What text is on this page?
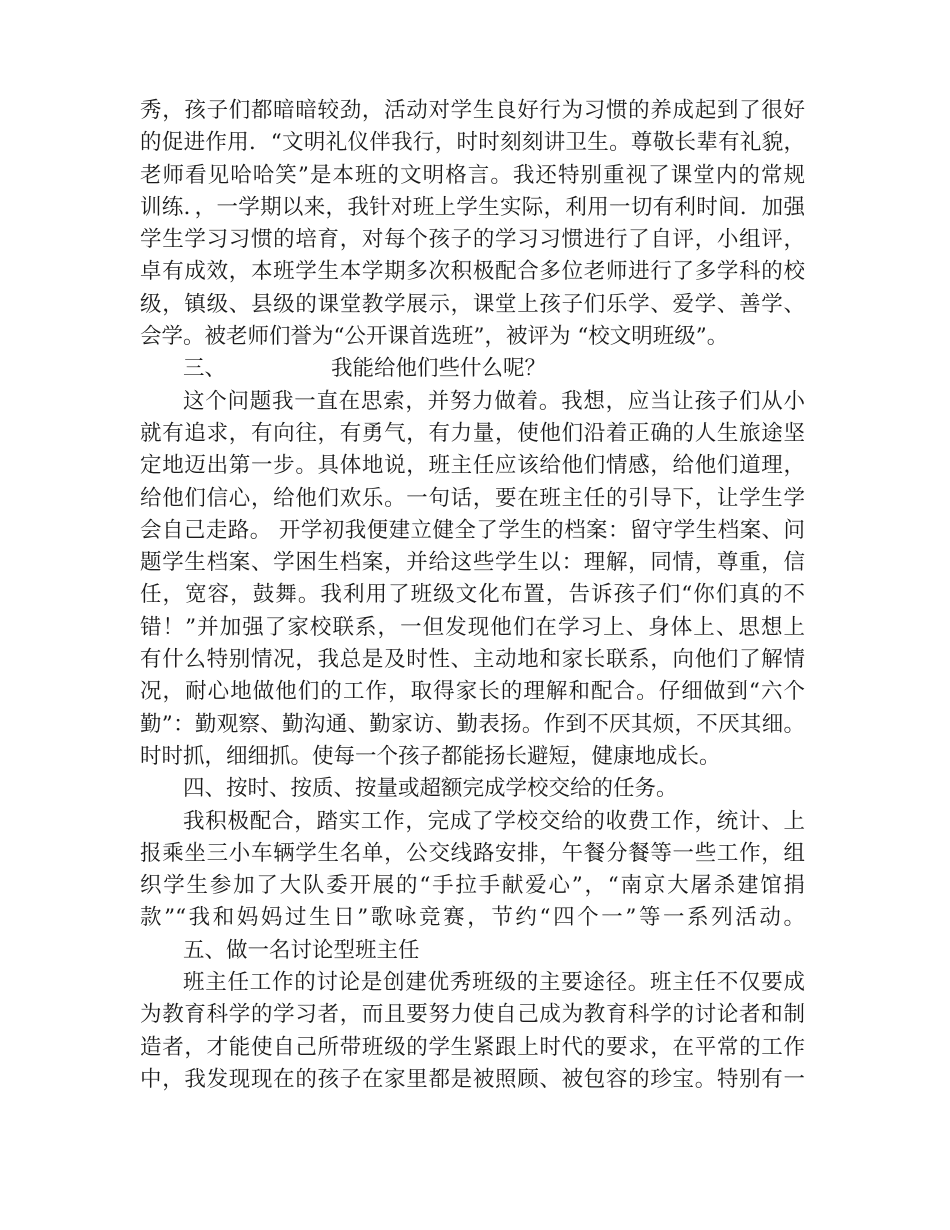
秀，孩子们都暗暗较劲，活动对学生良好行为习惯的养成起到了很好
的促进作用．“文明礼仪伴我行，时时刻刻讲卫生。尊敬长辈有礼貌，
老师看见哈哈笑”是本班的文明格言。我还特别重视了课堂内的常规
训练．，一学期以来，我针对班上学生实际，利用一切有利时间．加强
学生学习习惯的培育，对每个孩子的学习习惯进行了自评，小组评，
卓有成效，本班学生本学期多次积极配合多位老师进行了多学科的校
级，镇级、县级的课堂教学展示，课堂上孩子们乐学、爱学、善学、
会学。被老师们誉为“公开课首选班”，被评为 “校文明班级”。
三、	我能给他们些什么呢？
这个问题我一直在思索，并努力做着。我想，应当让孩子们从小
就有追求，有向往，有勇气，有力量，使他们沿着正确的人生旅途坚
定地迈出第一步。具体地说，班主任应该给他们情感，给他们道理，
给他们信心，给他们欢乐。一句话，要在班主任的引导下，让学生学
会自己走路。 开学初我便建立健全了学生的档案：留守学生档案、问
题学生档案、学困生档案，并给这些学生以：理解，同情，尊重，信
任，宽容，鼓舞。我利用了班级文化布置，告诉孩子们“你们真的不
错！”并加强了家校联系，一但发现他们在学习上、身体上、思想上
有什么特别情况，我总是及时性、主动地和家长联系，向他们了解情
况，耐心地做他们的工作，取得家长的理解和配合。仔细做到“六个
勤”：勤观察、勤沟通、勤家访、勤表扬。作到不厌其烦，不厌其细。
时时抓，细细抓。使每一个孩子都能扬长避短，健康地成长。
四、按时、按质、按量或超额完成学校交给的任务。
我积极配合，踏实工作，完成了学校交给的收费工作，统计、上
报乘坐三小车辆学生名单，公交线路安排，午餐分餐等一些工作，组
织学生参加了大队委开展的“手拉手献爱心”，“南京大屠杀建馆捐
款”“我和妈妈过生日”歌咏竞赛，节约“四个一”等一系列活动。
五、做一名讨论型班主任
班主任工作的讨论是创建优秀班级的主要途径。班主任不仅要成
为教育科学的学习者，而且要努力使自己成为教育科学的讨论者和制
造者，才能使自己所带班级的学生紧跟上时代的要求，在平常的工作
中，我发现现在的孩子在家里都是被照顾、被包容的珍宝。特别有一
